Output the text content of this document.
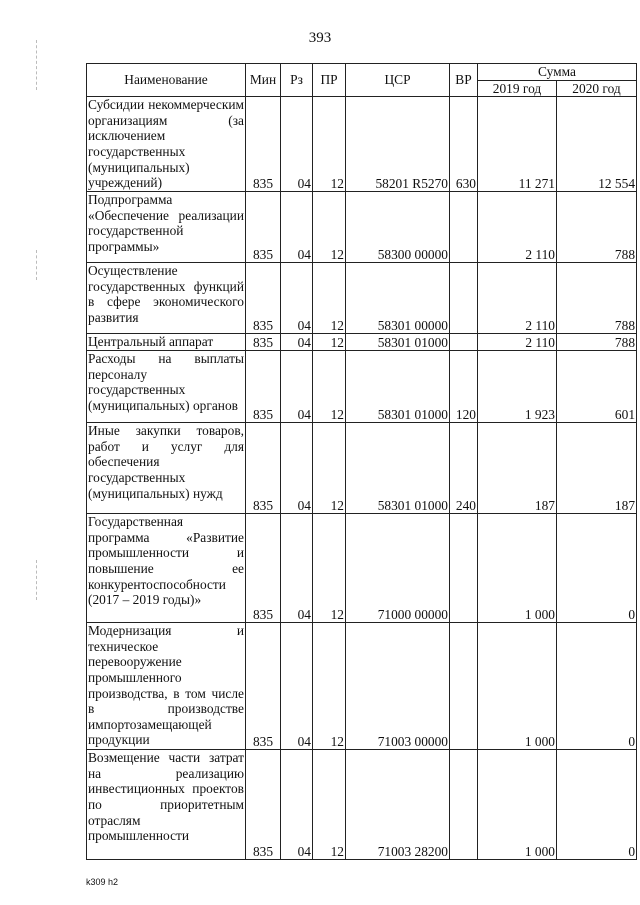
393
Наименование	Мин	Рз	ПР	ЦСР	ВР	Сумма	
						2019 год	2020 год
Субсидии некоммерческим организациям (за исключением государственных (муниципальных) учреждений)	835	04	12	58201 R5270	630	11 271	12 554
Подпрограмма «Обеспечение реализации государственной программы»	835	04	12	58300 00000		2 110	788
Осуществление государственных функций в сфере экономического развития	835	04	12	58301 00000		2 110	788
Центральный аппарат	835	04	12	58301 01000		2 110	788
Расходы на выплаты персоналу государственных (муниципальных) органов	835	04	12	58301 01000	120	1 923	601
Иные закупки товаров, работ и услуг для обеспечения государственных (муниципальных) нужд	835	04	12	58301 01000	240	187	187
Государственная программа «Развитие промышленности и повышение ее конкурентоспособности (2017 – 2019 годы)»	835	04	12	71000 00000		1 000	0
Модернизация и техническое перевооружение промышленного производства, в том числе в производстве импортозамещающей продукции	835	04	12	71003 00000		1 000	0
Возмещение части затрат на реализацию инвестиционных проектов по приоритетным отраслям промышленности	835	04	12	71003 28200		1 000	0
k309 h2
